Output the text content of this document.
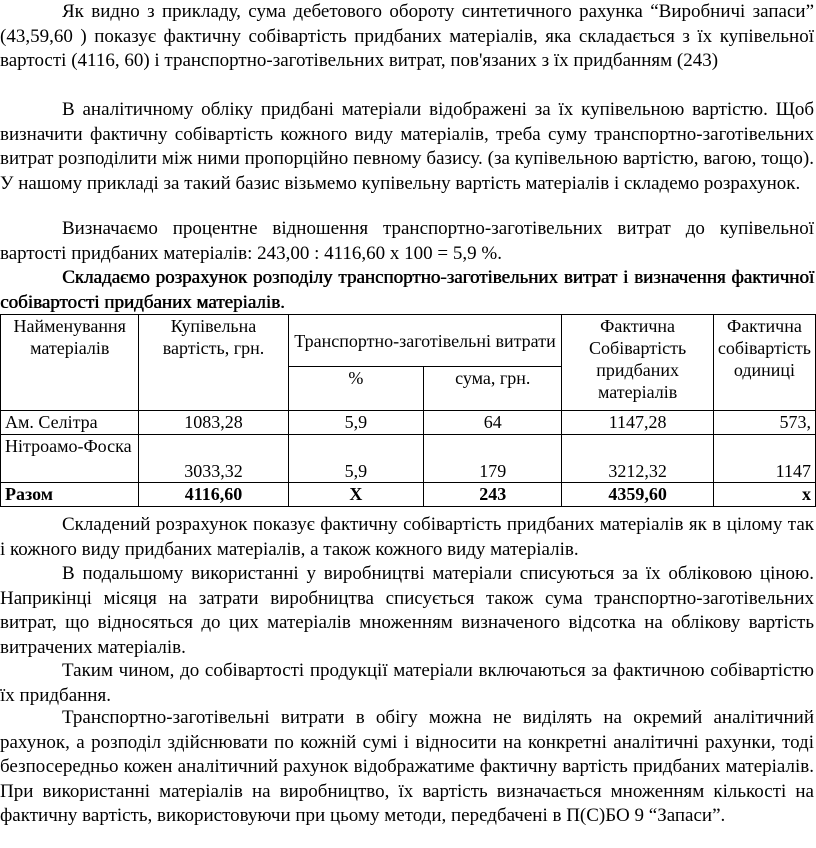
Як видно з прикладу, сума дебетового обороту синтетичного рахунка “Виробничі запаси” (43,59,60 ) показує фактичну собівартість придбаних матеріалів, яка складається з їх купівельної вартості (4116, 60) і транспортно-заготівельних витрат, пов'язаних з їх придбанням (243)

В аналітичному обліку придбані матеріали відображені за їх купівельною вартістю. Щоб визначити фактичну собівартість кожного виду матеріалів, треба суму транспортно-заготівельних витрат розподілити між ними пропорційно певному базису. (за купівельною вартістю, вагою, тощо). У нашому прикладі за такий базис візьмемо купівельну вартість матеріалів і складемо розрахунок.

Визначаємо процентне відношення транспортно-заготівельних витрат до купівельної вартості придбаних матеріалів: 243,00 : 4116,60 х 100 = 5,9 %.

Складаємо розрахунок розподілу транспортно-заготівельних витрат і визначення фактичної собівартості придбаних матеріалів.

Найменування матеріалів	Купівельна вартість, грн.	Транспортно-заготівельні витрати		Фактична Собівартість придбаних матеріалів	Фактична собівартість одиниці
		%	сума, грн.		
Ам. Селітра	1083,28	5,9	64	1147,28	573,
Нітроамо-Фоска	3033,32	5,9	179	3212,32	1147
Разом	4116,60	Х	243	4359,60	х

Складений розрахунок показує фактичну собівартість придбаних матеріалів як в цілому так і кожного виду придбаних матеріалів, а також кожного виду матеріалів.

В подальшому використанні у виробництві матеріали списуються за їх обліковою ціною. Наприкінці місяця на затрати виробництва списується також сума транспортно-заготівельних витрат, що відносяться до цих матеріалів множенням визначеного відсотка на облікову вартість витрачених матеріалів.

Таким чином, до собівартості продукції матеріали включаються за фактичною собівартістю їх придбання.

Транспортно-заготівельні витрати в обігу можна не виділять на окремий аналітичний рахунок, а розподіл здійснювати по кожній сумі і відносити на конкретні аналітичні рахунки, тоді безпосередньо кожен аналітичний рахунок відображатиме фактичну вартість придбаних матеріалів. При використанні матеріалів на виробництво, їх вартість визначається множенням кількості на фактичну вартість, використовуючи при цьому методи, передбачені в П(С)БО 9 “Запаси”.
